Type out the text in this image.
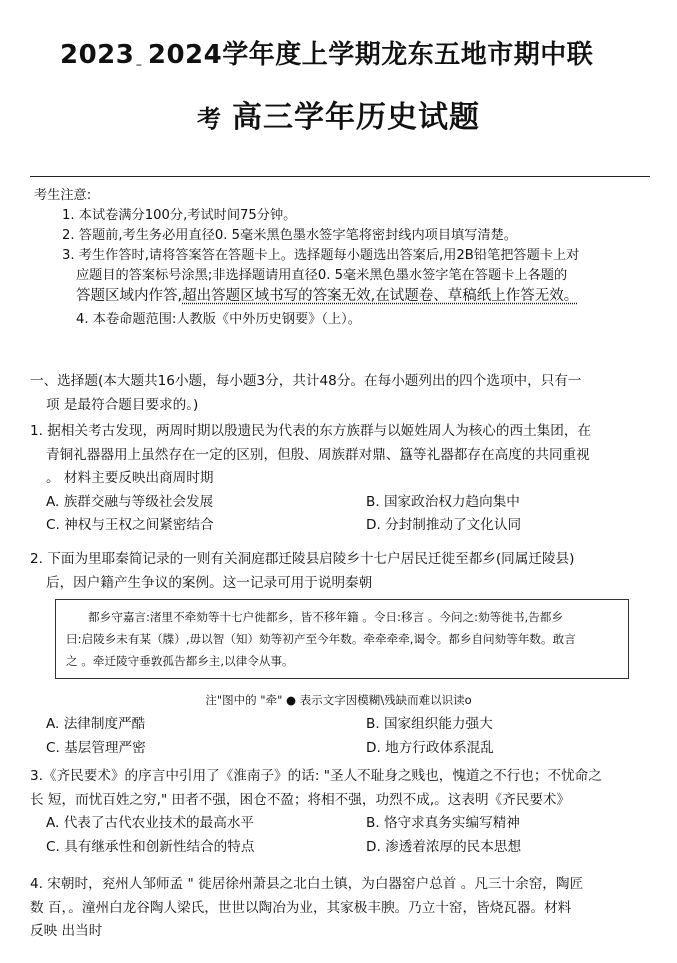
2023 _ 2024学年度上学期龙东五地市期中联
考 高三学年历史试题
考生注意:
1. 本试卷满分100分,考试时间75分钟。
2. 答题前,考生务必用直径0. 5毫米黑色墨水签字笔将密封线内项目填写清楚。
3. 考生作答时,请将答案答在答题卡上。选择题每小题选出答案后,用2B铅笔把答题卡上对
应题目的答案标号涂黑;非选择题请用直径0. 5毫米黑色墨水签字笔在答题卡上各题的
答题区域内作答,超出答题区域书写的答案无效,在试题卷、草稿纸上作答无效。
4. 本卷命题范围:人教版《中外历史钢要》（上）。
一、选择题(本大题共16小题，每小题3分，共计48分。在每小题列出的四个选项中，只有一
项 是最符合题目要求的。)
1. 据相关考古发现，两周时期以殷遗民为代表的东方族群与以姬姓周人为核心的西土集团，在
青铜礼器器用上虽然存在一定的区别，但殷、周族群对鼎、簋等礼器都存在高度的共同重视
。 材料主要反映出商周时期
A. 族群交融与等级社会发展	B. 国家政治权力趋向集中
C. 神权与王权之间紧密结合	D. 分封制推动了文化认同
2. 下面为里耶秦简记录的一则有关洞庭郡迁陵县启陵乡十七户居民迁徙至都乡(同属迁陵县)
后，因户籍产生争议的案例。这一记录可用于说明秦朝
都乡守嘉言:渚里不牵劾等十七户徙都乡，皆不移年籍 。令日:移言 。今问之:劾等徙书,告都乡
曰:启陵乡未有某（牒）,毋以智（知）劾等初产至今年数。牵牵牵牵,谒令。都乡自问劾等年数。敢言
之 。牵迁陵守垂敦孤告都乡主,以律令从事。
注"图中的 "牵" ● 表示文字因模糊\残缺而难以识读o
A. 法律制度严酷	B. 国家组织能力强大
C. 基层管理严密	D. 地方行政体系混乱
3.《齐民要术》的序言中引用了《淮南子》的话: "圣人不耻身之贱也，愧道之不行也；不忧命之
长 短，而忧百姓之穷," 田者不强，困仓不盈；将相不强，功烈不成,。这表明《齐民要术》
A. 代表了古代农业技术的最高水平	B. 恪守求真务实编写精神
C. 具有继承性和创新性结合的特点	D. 渗透着浓厚的民本思想
4. 宋朝时，兖州人邹师孟 " 徙居徐州萧县之北白土镇，为白器窑户总首 。凡三十余窑，陶匠
数 百，。潼州白龙谷陶人梁氏，世世以陶冶为业，其家极丰腴。乃立十窑，皆烧瓦器。材料
反映 出当时
